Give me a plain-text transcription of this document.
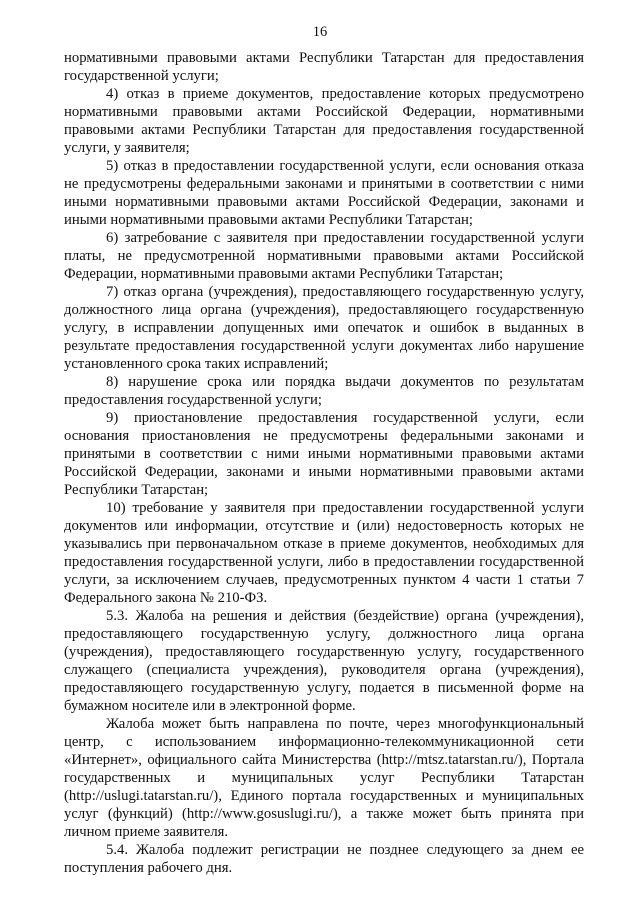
16

нормативными правовыми актами Республики Татарстан для предоставления государственной услуги;

4) отказ в приеме документов, предоставление которых предусмотрено нормативными правовыми актами Российской Федерации, нормативными правовыми актами Республики Татарстан для предоставления государственной услуги, у заявителя;

5) отказ в предоставлении государственной услуги, если основания отказа не предусмотрены федеральными законами и принятыми в соответствии с ними иными нормативными правовыми актами Российской Федерации, законами и иными нормативными правовыми актами Республики Татарстан;

6) затребование с заявителя при предоставлении государственной услуги платы, не предусмотренной нормативными правовыми актами Российской Федерации, нормативными правовыми актами Республики Татарстан;

7) отказ органа (учреждения), предоставляющего государственную услугу, должностного лица органа (учреждения), предоставляющего государственную услугу, в исправлении допущенных ими опечаток и ошибок в выданных в результате предоставления государственной услуги документах либо нарушение установленного срока таких исправлений;

8) нарушение срока или порядка выдачи документов по результатам предоставления государственной услуги;

9) приостановление предоставления государственной услуги, если основания приостановления не предусмотрены федеральными законами и принятыми в соответствии с ними иными нормативными правовыми актами Российской Федерации, законами и иными нормативными правовыми актами Республики Татарстан;

10) требование у заявителя при предоставлении государственной услуги документов или информации, отсутствие и (или) недостоверность которых не указывались при первоначальном отказе в приеме документов, необходимых для предоставления государственной услуги, либо в предоставлении государственной услуги, за исключением случаев, предусмотренных пунктом 4 части 1 статьи 7 Федерального закона № 210-ФЗ.

5.3. Жалоба на решения и действия (бездействие) органа (учреждения), предоставляющего государственную услугу, должностного лица органа (учреждения), предоставляющего государственную услугу, государственного служащего (специалиста учреждения), руководителя органа (учреждения), предоставляющего государственную услугу, подается в письменной форме на бумажном носителе или в электронной форме.

Жалоба может быть направлена по почте, через многофункциональный центр, с использованием информационно-телекоммуникационной сети «Интернет», официального сайта Министерства (http://mtsz.tatarstan.ru/), Портала государственных и муниципальных услуг Республики Татарстан (http://uslugi.tatarstan.ru/), Единого портала государственных и муниципальных услуг (функций) (http://www.gosuslugi.ru/), а также может быть принята при личном приеме заявителя.

5.4. Жалоба подлежит регистрации не позднее следующего за днем ее поступления рабочего дня.
